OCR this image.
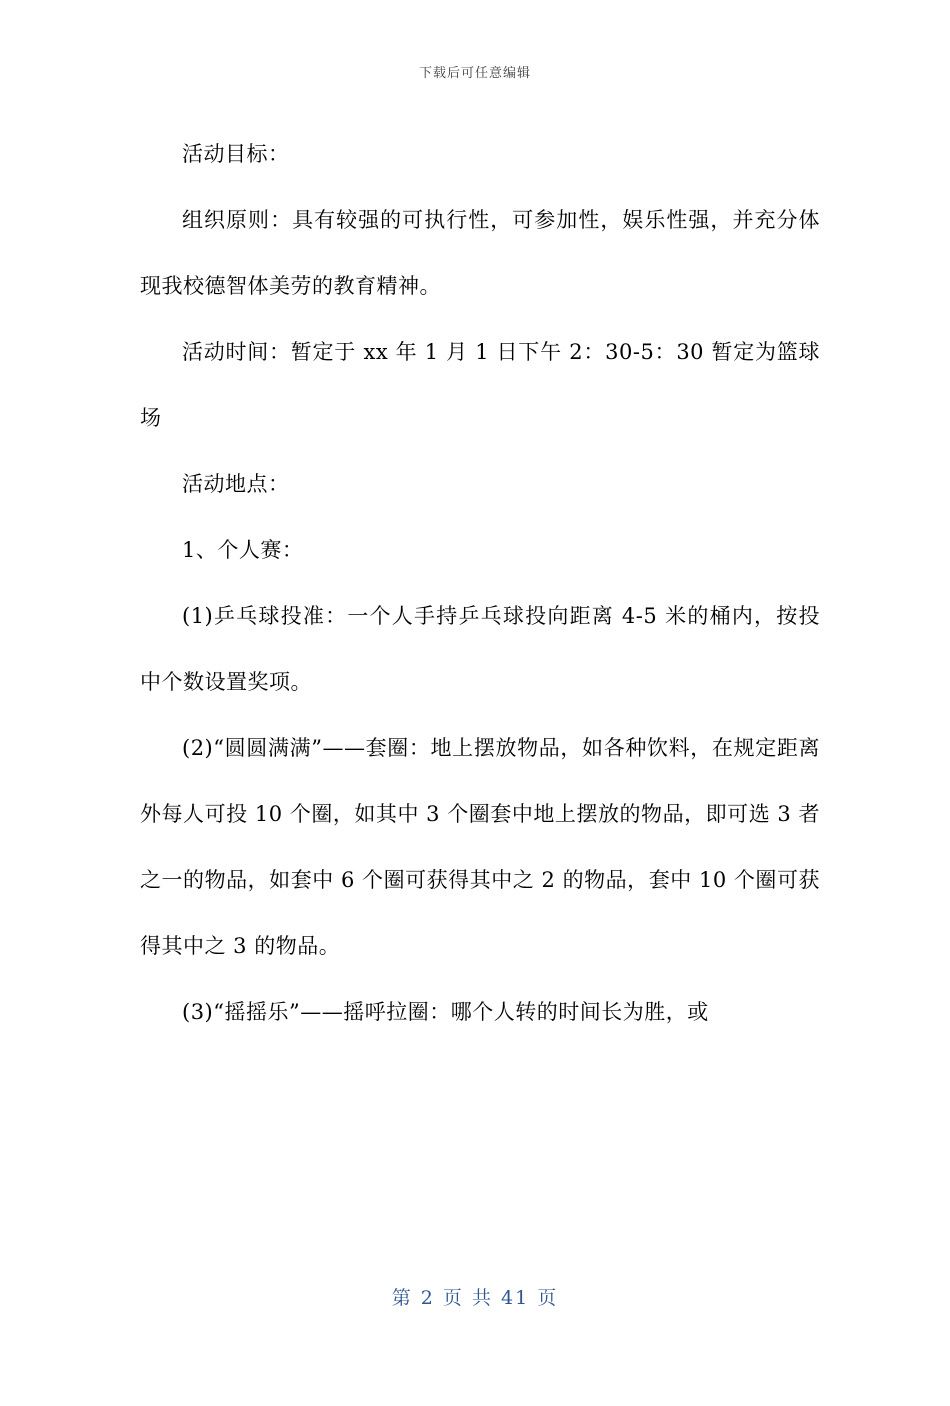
下载后可任意编辑

活动目标：

组织原则：具有较强的可执行性，可参加性，娱乐性强，并充分体现我校德智体美劳的教育精神。

活动时间：暂定于 xx 年 1 月 1 日下午 2：30-5：30 暂定为篮球场

活动地点：

1、个人赛：

(1)乒乓球投准：一个人手持乒乓球投向距离 4-5 米的桶内，按投中个数设置奖项。

(2)“圆圆满满”——套圈：地上摆放物品，如各种饮料，在规定距离外每人可投 10 个圈，如其中 3 个圈套中地上摆放的物品，即可选 3 者之一的物品，如套中 6 个圈可获得其中之 2 的物品，套中 10 个圈可获得其中之 3 的物品。

(3)“摇摇乐”——摇呼拉圈：哪个人转的时间长为胜，或

第 2 页 共 41 页
